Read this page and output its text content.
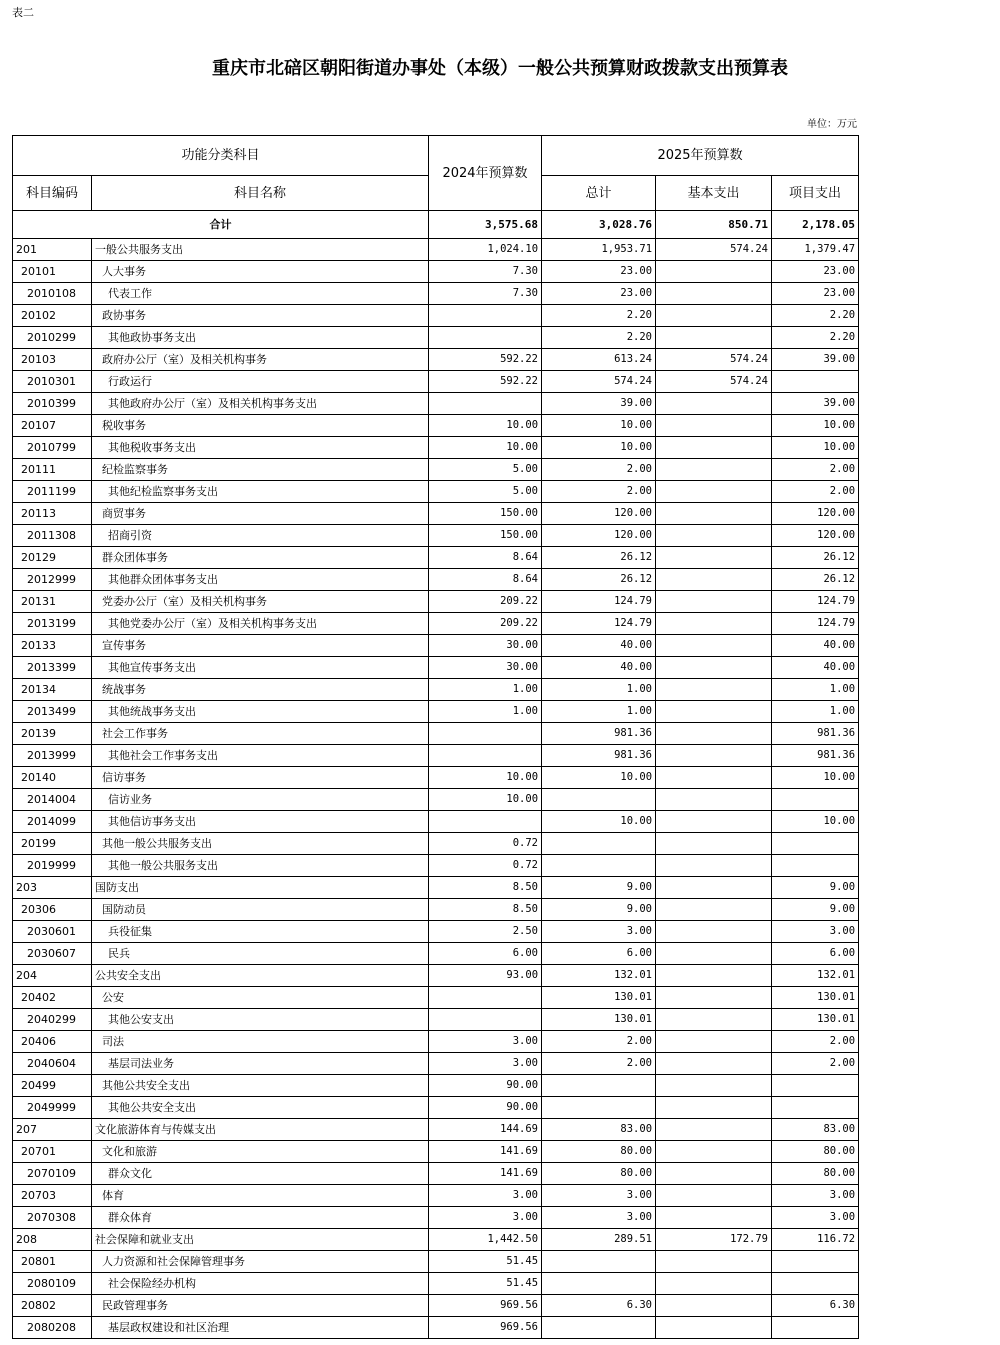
表二
重庆市北碚区朝阳街道办事处（本级）一般公共预算财政拨款支出预算表
单位：万元
功能分类科目		2024年预算数	2025年预算数		
科目编码	科目名称		总计	基本支出	项目支出
合计		3,575.68	3,028.76	850.71	2,178.05
201	一般公共服务支出	1,024.10	1,953.71	574.24	1,379.47
20101	人大事务	7.30	23.00		23.00
2010108	代表工作	7.30	23.00		23.00
20102	政协事务		2.20		2.20
2010299	其他政协事务支出		2.20		2.20
20103	政府办公厅（室）及相关机构事务	592.22	613.24	574.24	39.00
2010301	行政运行	592.22	574.24	574.24	
2010399	其他政府办公厅（室）及相关机构事务支出		39.00		39.00
20107	税收事务	10.00	10.00		10.00
2010799	其他税收事务支出	10.00	10.00		10.00
20111	纪检监察事务	5.00	2.00		2.00
2011199	其他纪检监察事务支出	5.00	2.00		2.00
20113	商贸事务	150.00	120.00		120.00
2011308	招商引资	150.00	120.00		120.00
20129	群众团体事务	8.64	26.12		26.12
2012999	其他群众团体事务支出	8.64	26.12		26.12
20131	党委办公厅（室）及相关机构事务	209.22	124.79		124.79
2013199	其他党委办公厅（室）及相关机构事务支出	209.22	124.79		124.79
20133	宣传事务	30.00	40.00		40.00
2013399	其他宣传事务支出	30.00	40.00		40.00
20134	统战事务	1.00	1.00		1.00
2013499	其他统战事务支出	1.00	1.00		1.00
20139	社会工作事务		981.36		981.36
2013999	其他社会工作事务支出		981.36		981.36
20140	信访事务	10.00	10.00		10.00
2014004	信访业务	10.00			
2014099	其他信访事务支出		10.00		10.00
20199	其他一般公共服务支出	0.72			
2019999	其他一般公共服务支出	0.72			
203	国防支出	8.50	9.00		9.00
20306	国防动员	8.50	9.00		9.00
2030601	兵役征集	2.50	3.00		3.00
2030607	民兵	6.00	6.00		6.00
204	公共安全支出	93.00	132.01		132.01
20402	公安		130.01		130.01
2040299	其他公安支出		130.01		130.01
20406	司法	3.00	2.00		2.00
2040604	基层司法业务	3.00	2.00		2.00
20499	其他公共安全支出	90.00			
2049999	其他公共安全支出	90.00			
207	文化旅游体育与传媒支出	144.69	83.00		83.00
20701	文化和旅游	141.69	80.00		80.00
2070109	群众文化	141.69	80.00		80.00
20703	体育	3.00	3.00		3.00
2070308	群众体育	3.00	3.00		3.00
208	社会保障和就业支出	1,442.50	289.51	172.79	116.72
20801	人力资源和社会保障管理事务	51.45			
2080109	社会保险经办机构	51.45			
20802	民政管理事务	969.56	6.30		6.30
2080208	基层政权建设和社区治理	969.56			
